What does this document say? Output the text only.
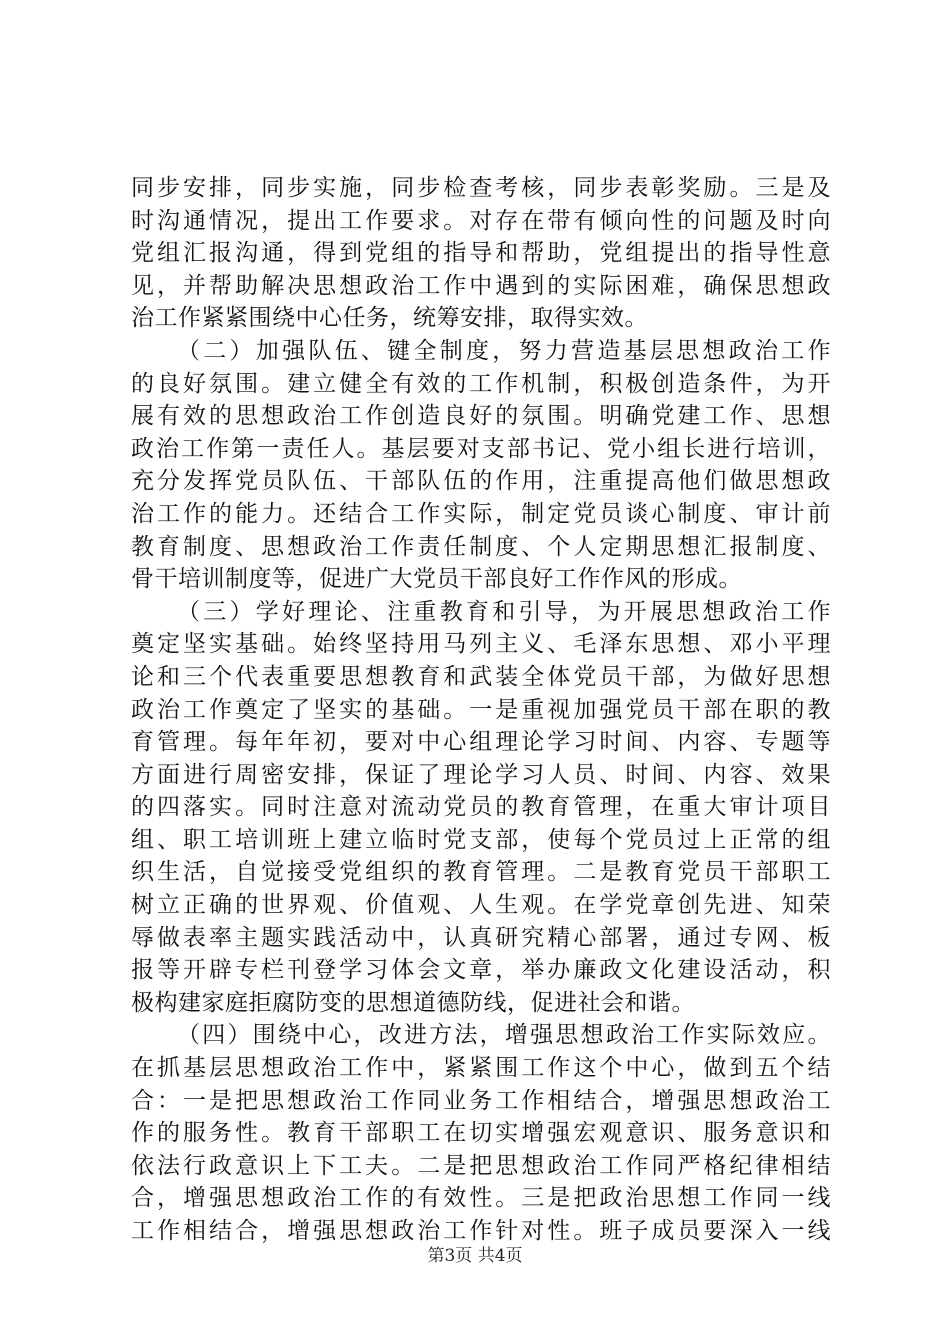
同步安排，同步实施，同步检查考核，同步表彰奖励。三是及
时沟通情况，提出工作要求。对存在带有倾向性的问题及时向
党组汇报沟通，得到党组的指导和帮助，党组提出的指导性意
见，并帮助解决思想政治工作中遇到的实际困难，确保思想政
治工作紧紧围绕中心任务，统筹安排，取得实效。
（二）加强队伍、键全制度，努力营造基层思想政治工作
的良好氛围。建立健全有效的工作机制，积极创造条件，为开
展有效的思想政治工作创造良好的氛围。明确党建工作、思想
政治工作第一责任人。基层要对支部书记、党小组长进行培训，
充分发挥党员队伍、干部队伍的作用，注重提高他们做思想政
治工作的能力。还结合工作实际，制定党员谈心制度、审计前
教育制度、思想政治工作责任制度、个人定期思想汇报制度、
骨干培训制度等，促进广大党员干部良好工作作风的形成。
（三）学好理论、注重教育和引导，为开展思想政治工作
奠定坚实基础。始终坚持用马列主义、毛泽东思想、邓小平理
论和三个代表重要思想教育和武装全体党员干部，为做好思想
政治工作奠定了坚实的基础。一是重视加强党员干部在职的教
育管理。每年年初，要对中心组理论学习时间、内容、专题等
方面进行周密安排，保证了理论学习人员、时间、内容、效果
的四落实。同时注意对流动党员的教育管理，在重大审计项目
组、职工培训班上建立临时党支部，使每个党员过上正常的组
织生活，自觉接受党组织的教育管理。二是教育党员干部职工
树立正确的世界观、价值观、人生观。在学党章创先进、知荣
辱做表率主题实践活动中，认真研究精心部署，通过专网、板
报等开辟专栏刊登学习体会文章，举办廉政文化建设活动，积
极构建家庭拒腐防变的思想道德防线，促进社会和谐。
（四）围绕中心，改进方法，增强思想政治工作实际效应。
在抓基层思想政治工作中，紧紧围工作这个中心，做到五个结
合：一是把思想政治工作同业务工作相结合，增强思想政治工
作的服务性。教育干部职工在切实增强宏观意识、服务意识和
依法行政意识上下工夫。二是把思想政治工作同严格纪律相结
合，增强思想政治工作的有效性。三是把政治思想工作同一线
工作相结合，增强思想政治工作针对性。班子成员要深入一线
第3页 共4页
